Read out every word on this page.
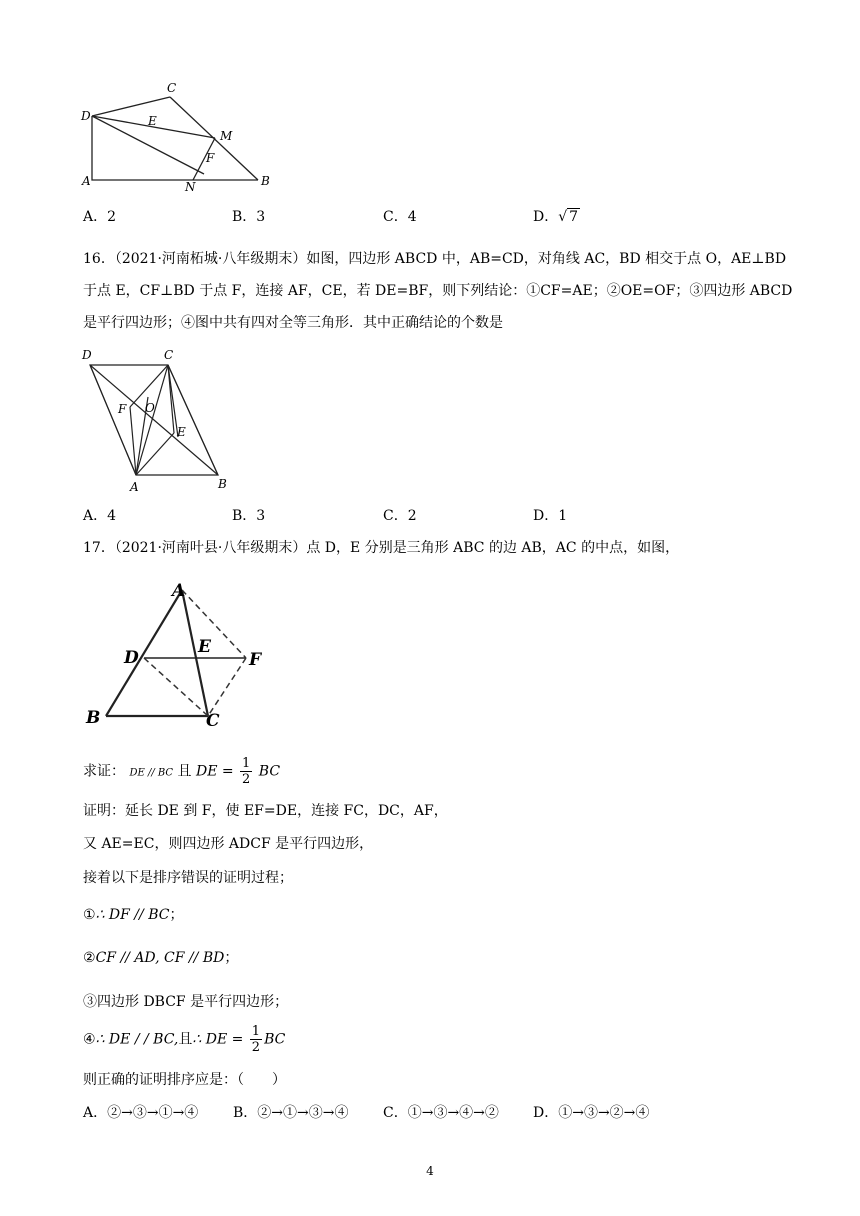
C
D	E
M
F
A	N	B
A．2	B．3	C．4	D．√ 7
16．（2021·河南柘城·八年级期末）如图，四边形 ABCD 中，AB=CD，对角线 AC，BD 相交于点 O，AE⊥BD
于点 E，CF⊥BD 于点 F，连接 AF，CE，若 DE=BF，则下列结论：①CF=AE；②OE=OF；③四边形 ABCD
是平行四边形；④图中共有四对全等三角形．其中正确结论的个数是
D	C
F O
E
A	B
A．4	B．3	C．2	D．1
17．（2021·河南叶县·八年级期末）点 D，E 分别是三角形 ABC 的边 AB，AC 的中点，如图，
A
E
D	F
B	C
求证： DE // BC 且 DE = $\frac{1}{2}$ BC
证明：延长 DE 到 F，使 EF=DE，连接 FC，DC，AF，
又 AE=EC，则四边形 ADCF 是平行四边形，
接着以下是排序错误的证明过程；
①∴ DF // BC；
②CF // AD, CF // BD；
③四边形 DBCF 是平行四边形；
④∴ DE / / BC,且∴ DE = $\frac{1}{2}$ BC
则正确的证明排序应是：（　　）
A．②→③→①→④ B．②→①→③→④ C．①→③→④→② D．①→③→②→④
4
